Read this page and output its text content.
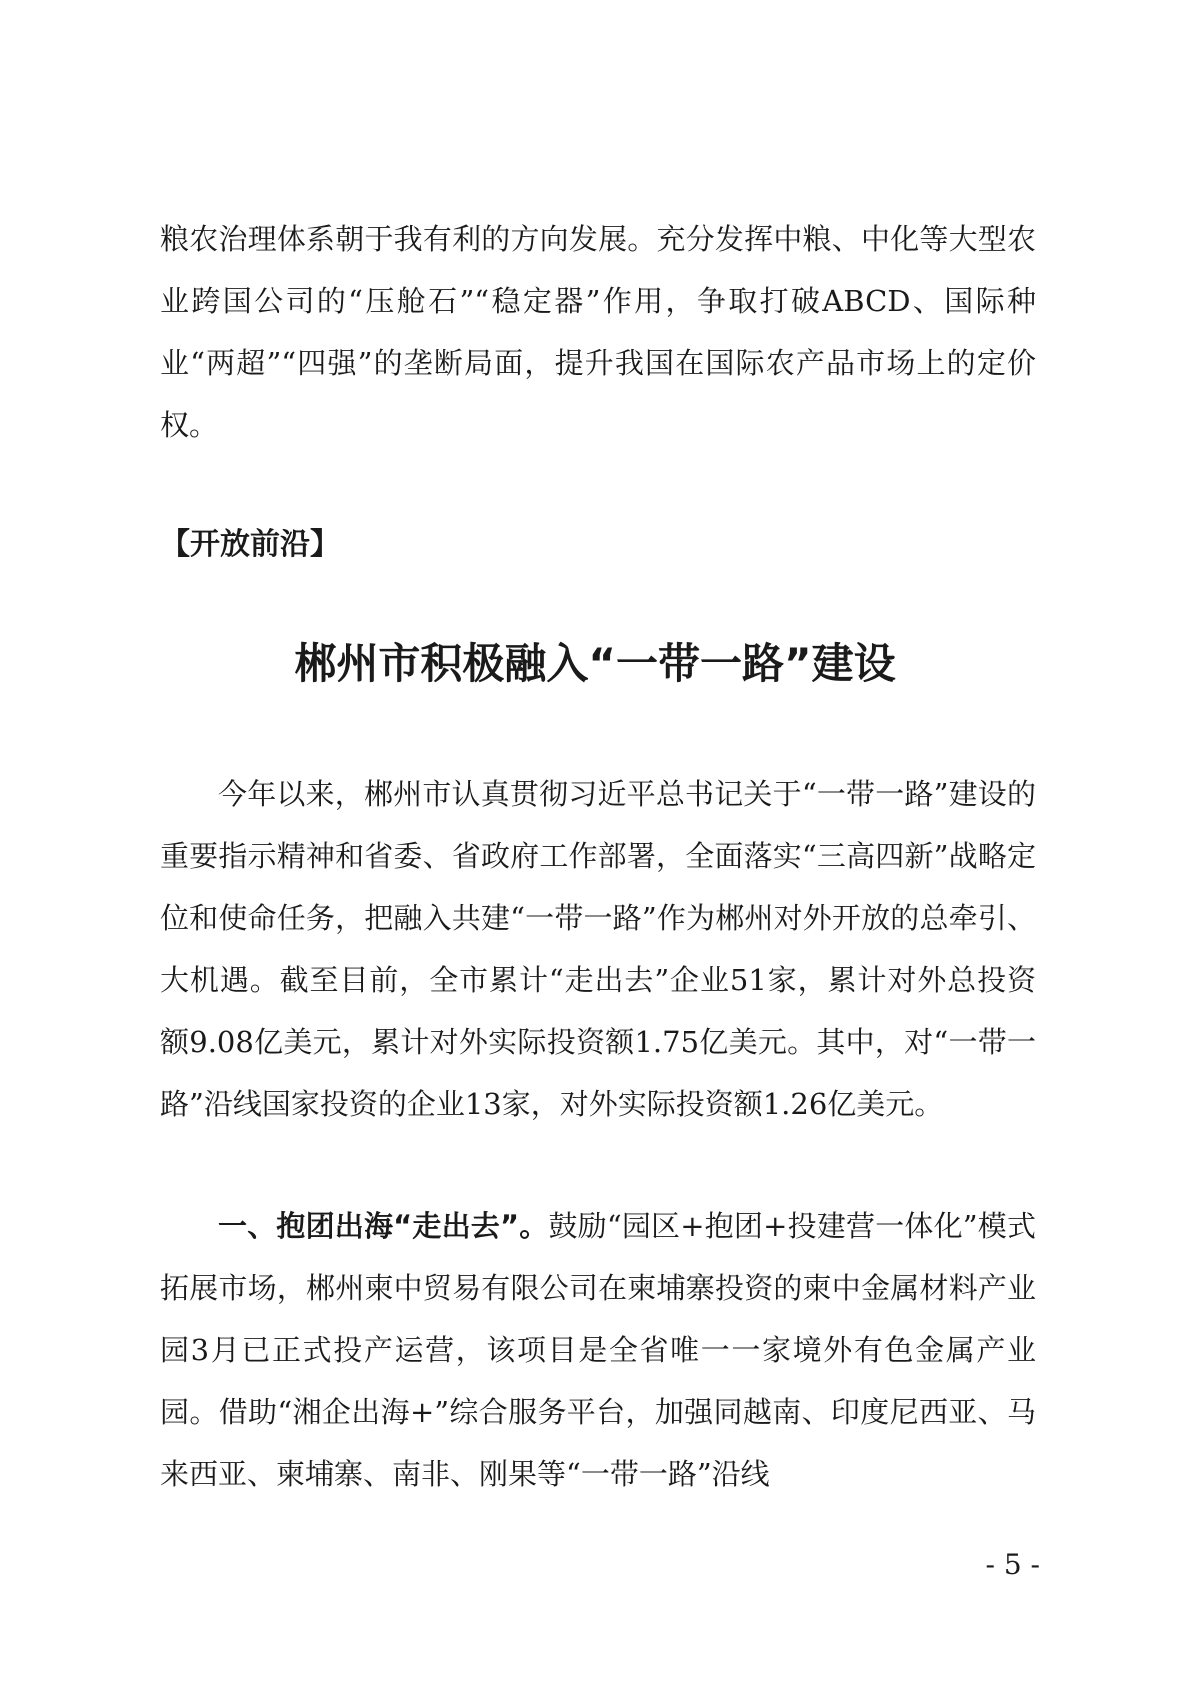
粮农治理体系朝于我有利的方向发展。充分发挥中粮、中化等大型农业跨国公司的“压舱石”“稳定器”作用，争取打破ABCD、国际种业“两超”“四强”的垄断局面，提升我国在国际农产品市场上的定价权。

【开放前沿】
郴州市积极融入“一带一路”建设

今年以来，郴州市认真贯彻习近平总书记关于“一带一路”建设的重要指示精神和省委、省政府工作部署，全面落实“三高四新”战略定位和使命任务，把融入共建“一带一路”作为郴州对外开放的总牵引、大机遇。截至目前，全市累计“走出去”企业51家，累计对外总投资额9.08亿美元，累计对外实际投资额1.75亿美元。其中，对“一带一路”沿线国家投资的企业13家，对外实际投资额1.26亿美元。

一、抱团出海“走出去”。鼓励“园区+抱团+投建营一体化”模式拓展市场，郴州柬中贸易有限公司在柬埔寨投资的柬中金属材料产业园3月已正式投产运营，该项目是全省唯一一家境外有色金属产业园。借助“湘企出海+”综合服务平台，加强同越南、印度尼西亚、马来西亚、柬埔寨、南非、刚果等“一带一路”沿线

- 5 -
